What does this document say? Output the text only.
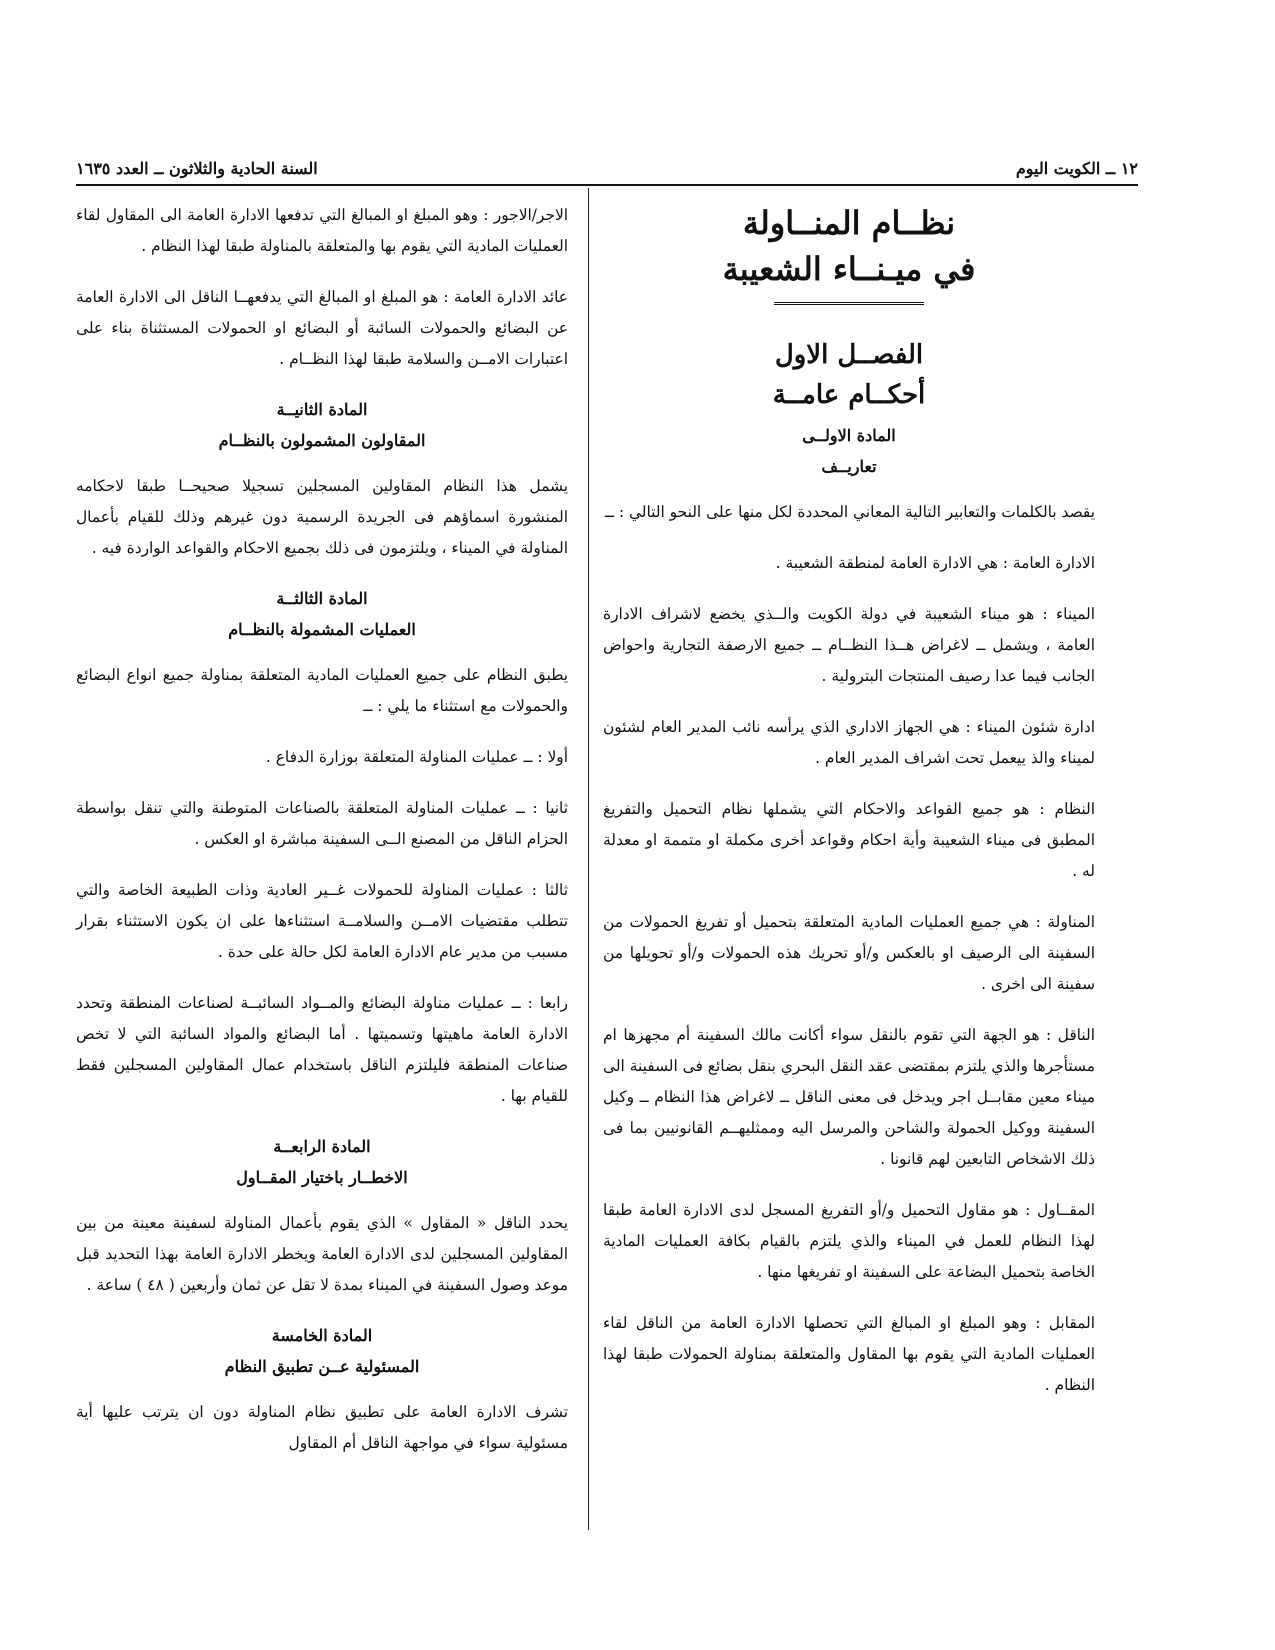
١٢ ــ الكويت اليوم
السنة الحادية والثلاثون ــ العدد ١٦٣٥

نظــام المنــاولة

في ميـنــاء الشعيبة

الفصــل الاول

أحكــام عامــة

المادة الاولــى

تعاريــف

يقصد بالكلمات والتعابير التالية المعاني المحددة لكل منها على النحو التالي : ــ

الادارة العامة : هي الادارة العامة لمنطقة الشعيبة .

الميناء : هو ميناء الشعيبة في دولة الكويت والــذي يخضع لاشراف الادارة العامة ، ويشمل ــ لاغراض هــذا النظــام ــ جميع الارصفة التجارية واحواض الجانب فيما عدا رصيف المنتجات البترولية .

ادارة شئون الميناء : هي الجهاز الاداري الذي يرأسه نائب المدير العام لشئون لميناء والذ ييعمل تحت اشراف المدير العام .

النظام : هو جميع القواعد والاحكام التي يشملها نظام التحميل والتفريغ المطبق فى ميناء الشعيبة وأية احكام وقواعد أخرى مكملة او متممة او معدلة له .

المناولة : هي جميع العمليات المادية المتعلقة بتحميل أو تفريغ الحمولات من السفينة الى الرصيف او بالعكس و/أو تحريك هذه الحمولات و/أو تحويلها من سفينة الى اخرى .

الناقل : هو الجهة التي تقوم بالنقل سواء أكانت مالك السفينة أم مجهزها ام مستأجرها والذي يلتزم بمقتضى عقد النقل البحري بنقل بضائع فى السفينة الى ميناء معين مقابــل اجر ويدخل فى معنى الناقل ــ لاغراض هذا النظام ــ وكيل السفينة ووكيل الحمولة والشاحن والمرسل اليه وممثليهــم القانونيين بما فى ذلك الاشخاص التابعين لهم قانونا .

المقــاول : هو مقاول التحميل و/أو التفريغ المسجل لدى الادارة العامة طبقا لهذا النظام للعمل في الميناء والذي يلتزم بالقيام بكافة العمليات المادية الخاصة بتحميل البضاعة على السفينة او تفريغها منها .

المقابل : وهو المبلغ او المبالغ التي تحصلها الادارة العامة من الناقل لقاء العمليات المادية التي يقوم بها المقاول والمتعلقة بمناولة الحمولات طبقا لهذا النظام .

الاجر/الاجور : وهو المبلغ او المبالغ التي تدفعها الادارة العامة الى المقاول لقاء العمليات المادية التي يقوم بها والمتعلقة بالمناولة طبقا لهذا النظام .

عائد الادارة العامة : هو المبلغ او المبالغ التي يدفعهــا الناقل الى الادارة العامة عن البضائع والحمولات السائبة أو البضائع او الحمولات المستثناة بناء على اعتبارات الامــن والسلامة طبقا لهذا النظــام .

المادة الثانيــة

المقاولون المشمولون بالنظــام

يشمل هذا النظام المقاولين المسجلين تسجيلا صحيحــا طبقا لاحكامه المنشورة اسماؤهم فى الجريدة الرسمية دون غيرهم وذلك للقيام بأعمال المناولة في الميناء ، ويلتزمون فى ذلك بجميع الاحكام والقواعد الواردة فيه .

المادة الثالثــة

العمليات المشمولة بالنظــام

يطبق النظام على جميع العمليات المادية المتعلقة بمناولة جميع انواع البضائع والحمولات مع استثناء ما يلي : ــ

أولا : ــ عمليات المناولة المتعلقة بوزارة الدفاع .

ثانيا : ــ عمليات المناولة المتعلقة بالصناعات المتوطنة والتي تنقل بواسطة الحزام الناقل من المصنع الــى السفينة مباشرة او العكس .

ثالثا : عمليات المناولة للحمولات غــير العادية وذات الطبيعة الخاصة والتي تتطلب مقتضيات الامــن والسلامــة استثناءها على ان يكون الاستثناء بقرار مسبب من مدير عام الادارة العامة لكل حالة على حدة .

رابعا : ــ عمليات مناولة البضائع والمــواد السائبــة لصناعات المنطقة وتحدد الادارة العامة ماهيتها وتسميتها . أما البضائع والمواد السائبة التي لا تخص صناعات المنطقة فليلتزم الناقل باستخدام عمال المقاولين المسجلين فقط للقيام بها .

المادة الرابعــة

الاخطــار باختيار المقــاول

يحدد الناقل « المقاول » الذي يقوم بأعمال المناولة لسفينة معينة من بين المقاولين المسجلين لدى الادارة العامة ويخطر الادارة العامة بهذا التحديد قبل موعد وصول السفينة في الميناء بمدة لا تقل عن ثمان وأربعين ( ٤٨ ) ساعة .

المادة الخامسة

المسئولية عــن تطبيق النظام

تشرف الادارة العامة على تطبيق نظام المناولة دون ان يترتب عليها أية مسئولية سواء في مواجهة الناقل أم المقاول
